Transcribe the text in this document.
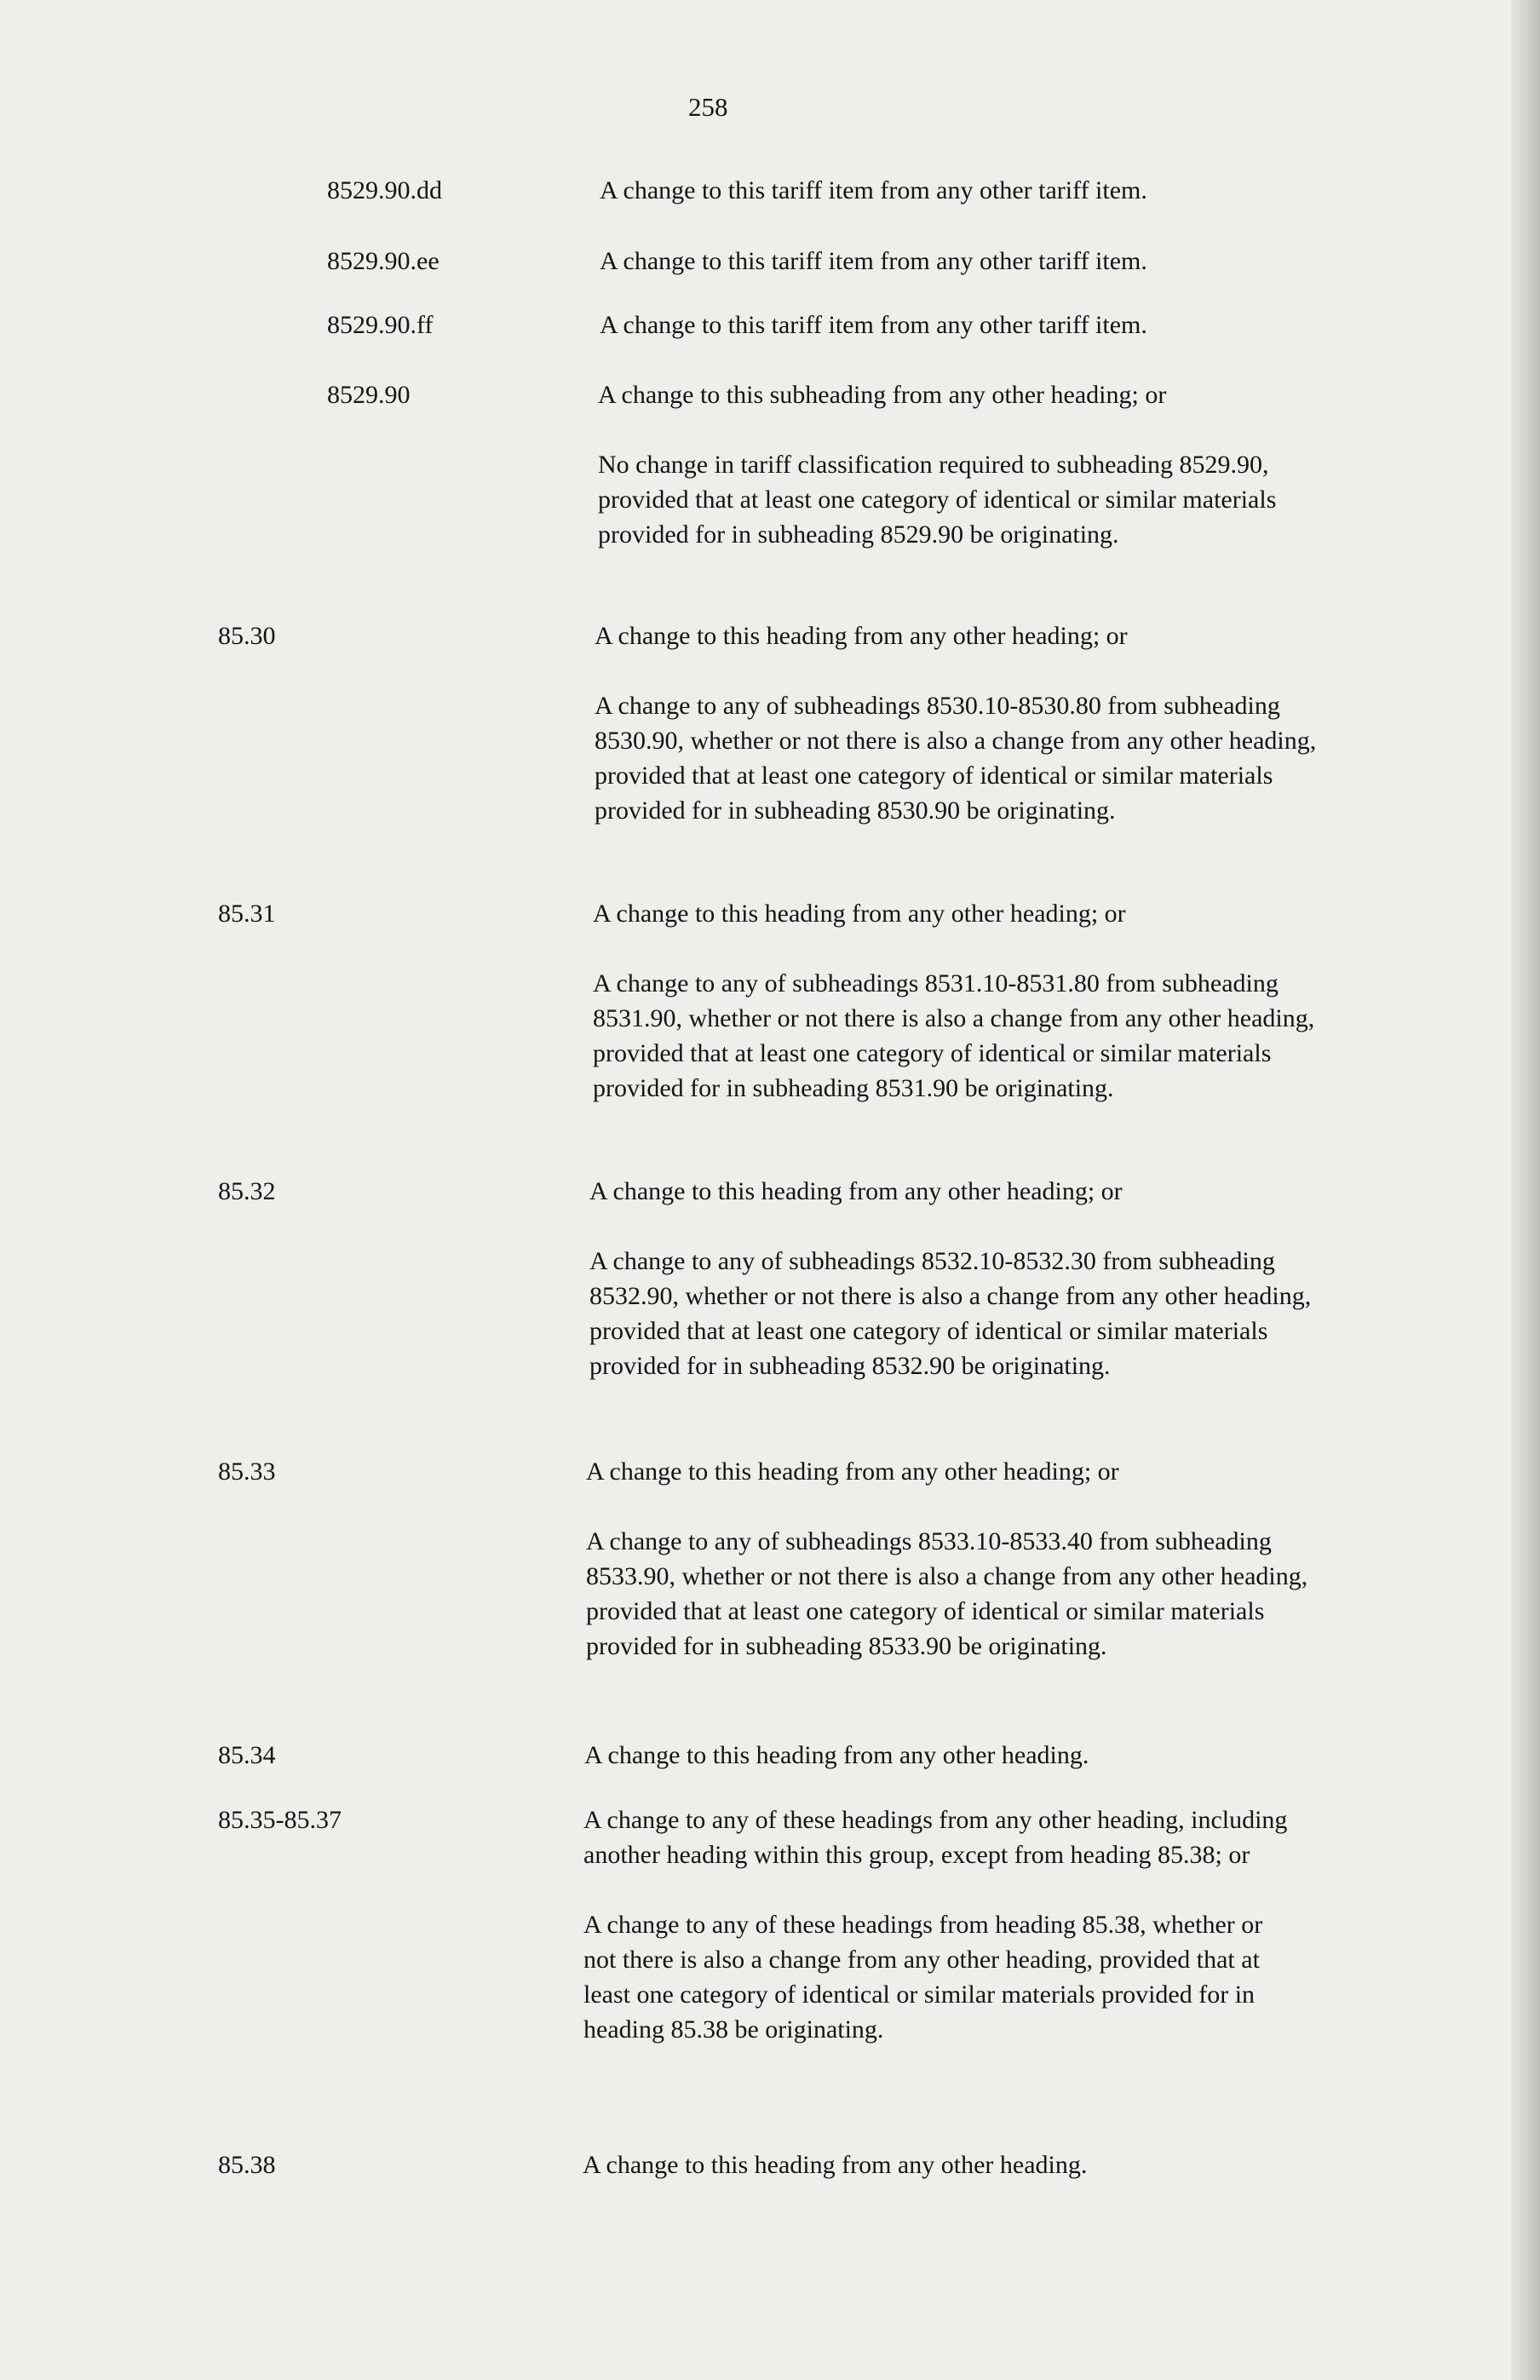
258
8529.90.dd	A change to this tariff item from any other tariff item.

8529.90.ee	A change to this tariff item from any other tariff item.

8529.90.ff	A change to this tariff item from any other tariff item.

8529.90	A change to this subheading from any other heading; or

No change in tariff classification required to subheading 8529.90, provided that at least one category of identical or similar materials provided for in subheading 8529.90 be originating.

85.30	A change to this heading from any other heading; or

A change to any of subheadings 8530.10-8530.80 from subheading 8530.90, whether or not there is also a change from any other heading, provided that at least one category of identical or similar materials provided for in subheading 8530.90 be originating.

85.31	A change to this heading from any other heading; or

A change to any of subheadings 8531.10-8531.80 from subheading 8531.90, whether or not there is also a change from any other heading, provided that at least one category of identical or similar materials provided for in subheading 8531.90 be originating.

85.32	A change to this heading from any other heading; or

A change to any of subheadings 8532.10-8532.30 from subheading 8532.90, whether or not there is also a change from any other heading, provided that at least one category of identical or similar materials provided for in subheading 8532.90 be originating.

85.33	A change to this heading from any other heading; or

A change to any of subheadings 8533.10-8533.40 from subheading 8533.90, whether or not there is also a change from any other heading, provided that at least one category of identical or similar materials provided for in subheading 8533.90 be originating.

85.34	A change to this heading from any other heading.

85.35-85.37	A change to any of these headings from any other heading, including another heading within this group, except from heading 85.38; or

A change to any of these headings from heading 85.38, whether or not there is also a change from any other heading, provided that at least one category of identical or similar materials provided for in heading 85.38 be originating.

85.38	A change to this heading from any other heading.
